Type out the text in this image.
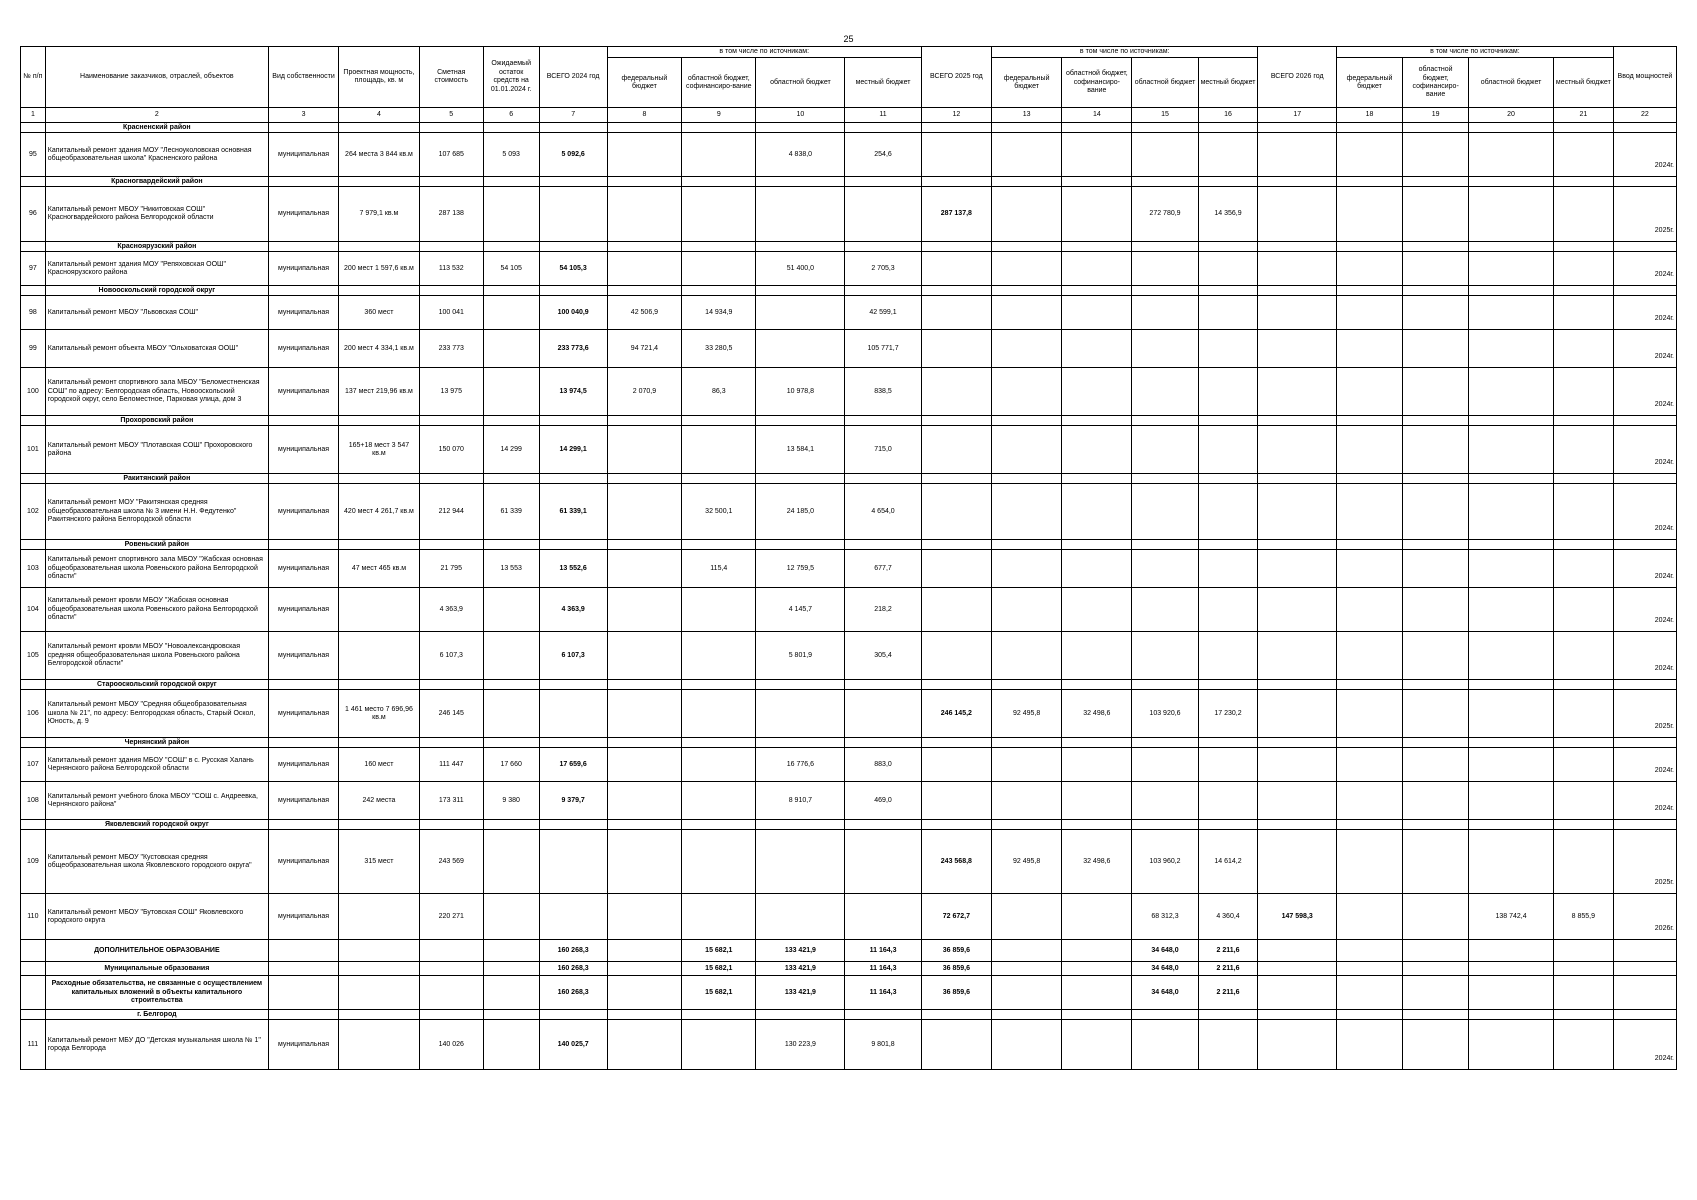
25
№ п/п	Наименование заказчиков, отраслей, объектов	Вид собственности	Проектная мощность, площадь, кв. м	Сметная стоимость	Ожидаемый остаток средств на 01.01.2024 г.	ВСЕГО 2024 год	в том числе по источникам:				ВСЕГО 2025 год	в том числе по источникам:				ВСЕГО 2026 год	в том числе по источникам:				Ввод мощностей
							федеральный бюджет	областной бюджет, софинансиро-вание	областной бюджет	местный бюджет		федеральный бюджет	областной бюджет, софинансиро-вание	областной бюджет	местный бюджет		федеральный бюджет	областной бюджет, софинансиро-вание	областной бюджет	местный бюджет	
1	2	3	4	5	6	7	8	9	10	11	12	13	14	15	16	17	18	19	20	21	22
	Красненский район																				
95	Капитальный ремонт здания МОУ "Лесноуколовская основная общеобразовательная школа" Красненского района	муниципальная	264 места 3 844 кв.м	107 685	5 093	5 092,6			4 838,0	254,6											2024г.
	Красногвардейский район																				
96	Капитальный ремонт МБОУ "Никитовская СОШ" Красногвардейского района Белгородской области	муниципальная	7 979,1 кв.м	287 138							287 137,8			272 780,9	14 356,9						2025г.
	Красноярузский район																				
97	Капитальный ремонт здания МОУ "Репяховская ООШ" Красноярузского района	муниципальная	200 мест 1 597,6 кв.м	113 532	54 105	54 105,3			51 400,0	2 705,3											2024г.
	Новооскольский городской округ																				
98	Капитальный ремонт МБОУ "Львовская СОШ"	муниципальная	360 мест	100 041		100 040,9	42 506,9	14 934,9		42 599,1											2024г.
99	Капитальный ремонт объекта МБОУ "Ольховатская ООШ"	муниципальная	200 мест 4 334,1 кв.м	233 773		233 773,6	94 721,4	33 280,5		105 771,7											2024г.
100	Капитальный ремонт спортивного зала МБОУ "Беломестненская СОШ" по адресу: Белгородская область, Новооскольский городской округ, село Беломестное, Парковая улица, дом 3	муниципальная	137 мест 219,96 кв.м	13 975		13 974,5	2 070,9	86,3	10 978,8	838,5											2024г.
	Прохоровский район																				
101	Капитальный ремонт МБОУ "Плотавская СОШ" Прохоровского района	муниципальная	165+18 мест 3 547 кв.м	150 070	14 299	14 299,1			13 584,1	715,0											2024г.
	Ракитянский район																				
102	Капитальный ремонт МОУ "Ракитянская средняя общеобразовательная школа № 3 имени Н.Н. Федутенко" Ракитянского района Белгородской области	муниципальная	420 мест 4 261,7 кв.м	212 944	61 339	61 339,1		32 500,1	24 185,0	4 654,0											2024г.
	Ровеньский район																				
103	Капитальный ремонт спортивного зала МБОУ "Жабская основная общеобразовательная школа Ровеньского района Белгородской области"	муниципальная	47 мест 465 кв.м	21 795	13 553	13 552,6		115,4	12 759,5	677,7											2024г.
104	Капитальный ремонт кровли МБОУ "Жабская основная общеобразовательная школа Ровеньского района Белгородской области"	муниципальная		4 363,9		4 363,9			4 145,7	218,2											2024г.
105	Капитальный ремонт кровли МБОУ "Новоалександровская средняя общеобразовательная школа Ровеньского района Белгородской области"	муниципальная		6 107,3		6 107,3			5 801,9	305,4											2024г.
	Старооскольский городской округ																				
106	Капитальный ремонт МБОУ "Средняя общеобразовательная школа № 21", по адресу: Белгородская область, Старый Оскол, Юность, д. 9	муниципальная	1 461 место 7 696,96 кв.м	246 145							246 145,2	92 495,8	32 498,6	103 920,6	17 230,2						2025г.
	Чернянский район																				
107	Капитальный ремонт здания МБОУ "СОШ" в с. Русская Халань Чернянского района Белгородской области	муниципальная	160 мест	111 447	17 660	17 659,6			16 776,6	883,0											2024г.
108	Капитальный ремонт учебного блока МБОУ "СОШ с. Андреевка, Чернянского района"	муниципальная	242 места	173 311	9 380	9 379,7			8 910,7	469,0											2024г.
	Яковлевский городской округ																				
109	Капитальный ремонт МБОУ "Кустовская средняя общеобразовательная школа Яковлевского городского округа"	муниципальная	315 мест	243 569							243 568,8	92 495,8	32 498,6	103 960,2	14 614,2						2025г.
110	Капитальный ремонт МБОУ "Бутовская СОШ" Яковлевского городского округа	муниципальная		220 271							72 672,7			68 312,3	4 360,4	147 598,3			138 742,4	8 855,9	2026г.
	ДОПОЛНИТЕЛЬНОЕ ОБРАЗОВАНИЕ					160 268,3		15 682,1	133 421,9	11 164,3	36 859,6			34 648,0	2 211,6						
	Муниципальные образования					160 268,3		15 682,1	133 421,9	11 164,3	36 859,6			34 648,0	2 211,6						
	Расходные обязательства, не связанные с осуществлением капитальных вложений в объекты капитального строительства					160 268,3		15 682,1	133 421,9	11 164,3	36 859,6			34 648,0	2 211,6						
	г. Белгород																				
111	Капитальный ремонт МБУ ДО "Детская музыкальная школа № 1" города Белгорода	муниципальная		140 026		140 025,7			130 223,9	9 801,8											2024г.
